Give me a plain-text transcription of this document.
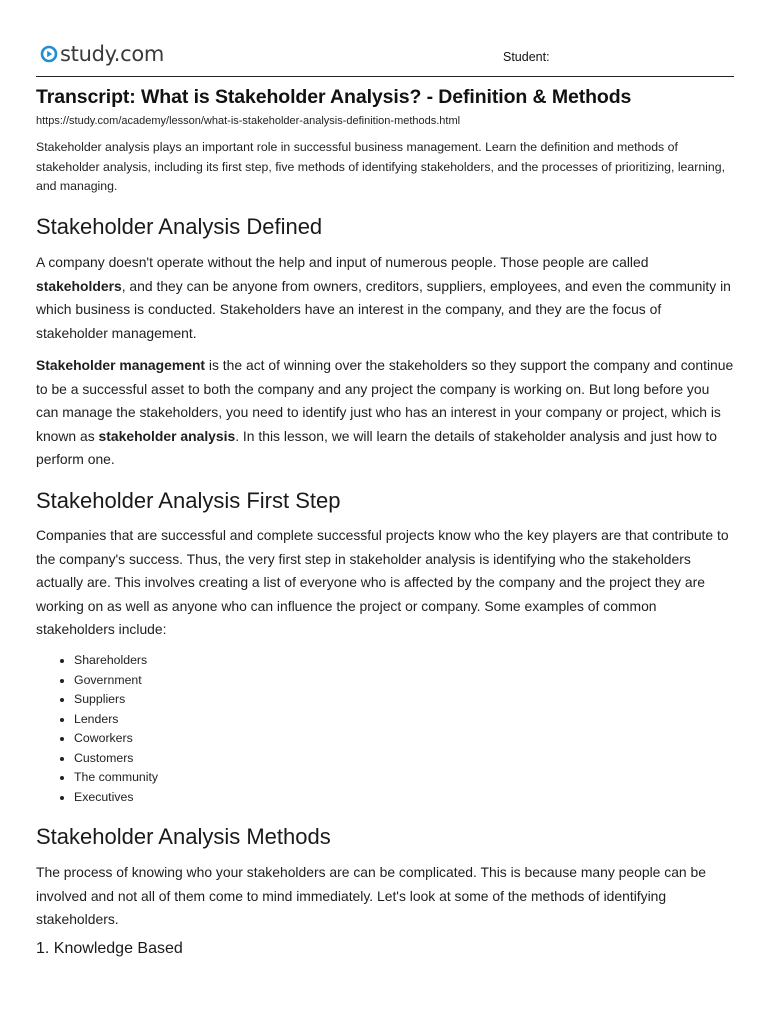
study.com	Student:
Transcript: What is Stakeholder Analysis? - Definition & Methods
https://study.com/academy/lesson/what-is-stakeholder-analysis-definition-methods.html
Stakeholder analysis plays an important role in successful business management. Learn the definition and methods of stakeholder analysis, including its first step, five methods of identifying stakeholders, and the processes of prioritizing, learning, and managing.
Stakeholder Analysis Defined

A company doesn't operate without the help and input of numerous people. Those people are called stakeholders, and they can be anyone from owners, creditors, suppliers, employees, and even the community in which business is conducted. Stakeholders have an interest in the company, and they are the focus of stakeholder management.

Stakeholder management is the act of winning over the stakeholders so they support the company and continue to be a successful asset to both the company and any project the company is working on. But long before you can manage the stakeholders, you need to identify just who has an interest in your company or project, which is known as stakeholder analysis. In this lesson, we will learn the details of stakeholder analysis and just how to perform one.

Stakeholder Analysis First Step

Companies that are successful and complete successful projects know who the key players are that contribute to the company's success. Thus, the very first step in stakeholder analysis is identifying who the stakeholders actually are. This involves creating a list of everyone who is affected by the company and the project they are working on as well as anyone who can influence the project or company. Some examples of common stakeholders include:

Shareholders
Government
Suppliers
Lenders
Coworkers
Customers
The community
Executives
Stakeholder Analysis Methods

The process of knowing who your stakeholders are can be complicated. This is because many people can be involved and not all of them come to mind immediately. Let's look at some of the methods of identifying stakeholders.

1. Knowledge Based
